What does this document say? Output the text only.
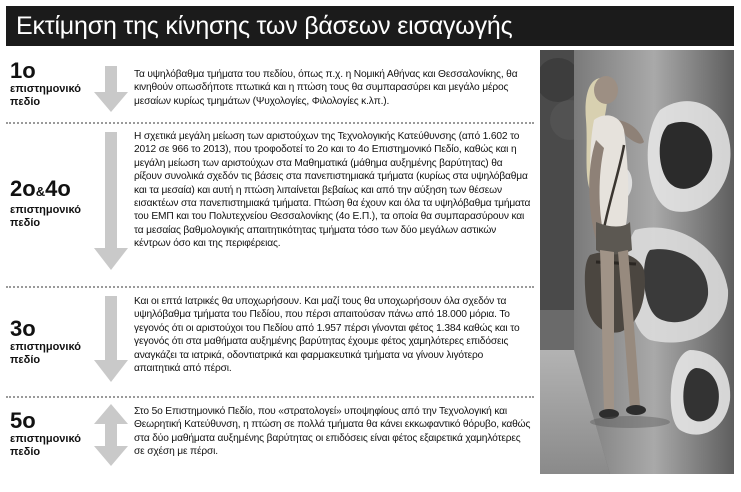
Εκτίμηση της κίνησης των βάσεων εισαγωγής
1ο
επιστημονικό
πεδίο
Τα υψηλόβαθμα τμήματα του πεδίου, όπως π.χ. η Νομική Αθήνας και Θεσσαλονίκης, θα κινηθούν οπωσδήποτε πτωτικά και η πτώση τους θα συμπαρασύρει και μεγάλο μέρος μεσαίων κυρίως τμημάτων (Ψυχολογίες, Φιλολογίες κ.λπ.).
2ο&4ο
επιστημονικό
πεδίο
Η σχετικά μεγάλη μείωση των αριστούχων της Τεχνολογικής Κατεύθυνσης (από 1.602 το 2012 σε 966 το 2013), που τροφοδοτεί το 2ο και το 4ο Επιστημονικό Πεδίο, καθώς και η μεγάλη μείωση των αριστούχων στα Μαθηματικά (μάθημα αυξημένης βαρύτητας) θα ρίξουν συνολικά σχεδόν τις βάσεις στα πανεπιστημιακά τμήματα (κυρίως στα υψηλόβαθμα και τα μεσαία) και αυτή η πτώση λιπαίνεται βεβαίως και από την αύξηση των θέσεων εισακτέων στα πανεπιστημιακά τμήματα. Πτώση θα έχουν και όλα τα υψηλόβαθμα τμήματα του ΕΜΠ και του Πολυτεχνείου Θεσσαλονίκης (4ο Ε.Π.), τα οποία θα συμπαρασύρουν και τα μεσαίας βαθμολογικής απαιτητικότητας τμήματα τόσο των δύο μεγάλων αστικών κέντρων όσο και της περιφέρειας.
3ο
επιστημονικό
πεδίο
Και οι επτά Ιατρικές θα υποχωρήσουν. Και μαζί τους θα υποχωρήσουν όλα σχεδόν τα υψηλόβαθμα τμήματα του Πεδίου, που πέρσι απαιτούσαν πάνω από 18.000 μόρια. Το γεγονός ότι οι αριστούχοι του Πεδίου από 1.957 πέρσι γίνονται φέτος 1.384 καθώς και το γεγονός ότι στα μαθήματα αυξημένης βαρύτητας έχουμε φέτος χαμηλότερες επιδόσεις αναγκάζει τα ιατρικά, οδοντιατρικά και φαρμακευτικά τμήματα να γίνουν λιγότερο απαιτητικά από πέρσι.
5ο
επιστημονικό
πεδίο
Στο 5ο Επιστημονικό Πεδίο, που «στρατολογεί» υποψηφίους από την Τεχνολογική και Θεωρητική Κατεύθυνση, η πτώση σε πολλά τμήματα θα κάνει εκκωφαντικό θόρυβο, καθώς στα δύο μαθήματα αυξημένης βαρύτητας οι επιδόσεις είναι φέτος εξαιρετικά χαμηλότερες σε σχέση με πέρσι.
